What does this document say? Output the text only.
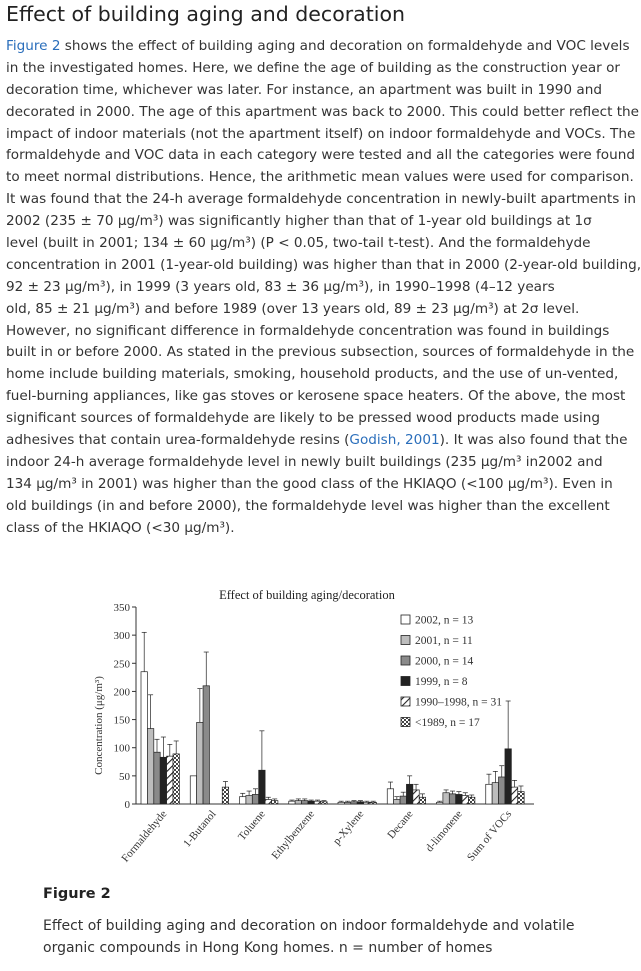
Effect of building aging and decoration
Figure 2 shows the effect of building aging and decoration on formaldehyde and VOC levels
in the investigated homes. Here, we define the age of building as the construction year or
decoration time, whichever was later. For instance, an apartment was built in 1990 and
decorated in 2000. The age of this apartment was back to 2000. This could better reflect the
impact of indoor materials (not the apartment itself) on indoor formaldehyde and VOCs. The
formaldehyde and VOC data in each category were tested and all the categories were found
to meet normal distributions. Hence, the arithmetic mean values were used for comparison.
It was found that the 24-h average formaldehyde concentration in newly-built apartments in
2002 (235 ± 70 μg/m³) was significantly higher than that of 1-year old buildings at 1σ
level (built in 2001; 134 ± 60 μg/m³) (P < 0.05, two-tail t-test). And the formaldehyde
concentration in 2001 (1-year-old building) was higher than that in 2000 (2-year-old building,
92 ± 23 μg/m³), in 1999 (3 years old, 83 ± 36 μg/m³), in 1990–1998 (4–12 years
old, 85 ± 21 μg/m³) and before 1989 (over 13 years old, 89 ± 23 μg/m³) at 2σ level.
However, no significant difference in formaldehyde concentration was found in buildings
built in or before 2000. As stated in the previous subsection, sources of formaldehyde in the
home include building materials, smoking, household products, and the use of un-vented,
fuel-burning appliances, like gas stoves or kerosene space heaters. Of the above, the most
significant sources of formaldehyde are likely to be pressed wood products made using
adhesives that contain urea-formaldehyde resins (Godish, 2001). It was also found that the
indoor 24-h average formaldehyde level in newly built buildings (235 μg/m³ in2002 and
134 μg/m³ in 2001) was higher than the good class of the HKIAQO (<100 μg/m³). Even in
old buildings (in and before 2000), the formaldehyde level was higher than the excellent
class of the HKIAQO (<30 μg/m³).
Effect of building aging/decoration
0
50
100
150
200
250
300
350
Concentration (μg/m³)
Formaldehyde 1-Butanol Toluene Ethylbenzene p-Xylene Decane d-limonene Sum of VOCs
2002, n = 13
2001, n = 11
2000, n = 14
1999, n = 8
1990–1998, n = 31
<1989, n = 17
Figure 2
Effect of building aging and decoration on indoor formaldehyde and volatile
organic compounds in Hong Kong homes. n = number of homes
